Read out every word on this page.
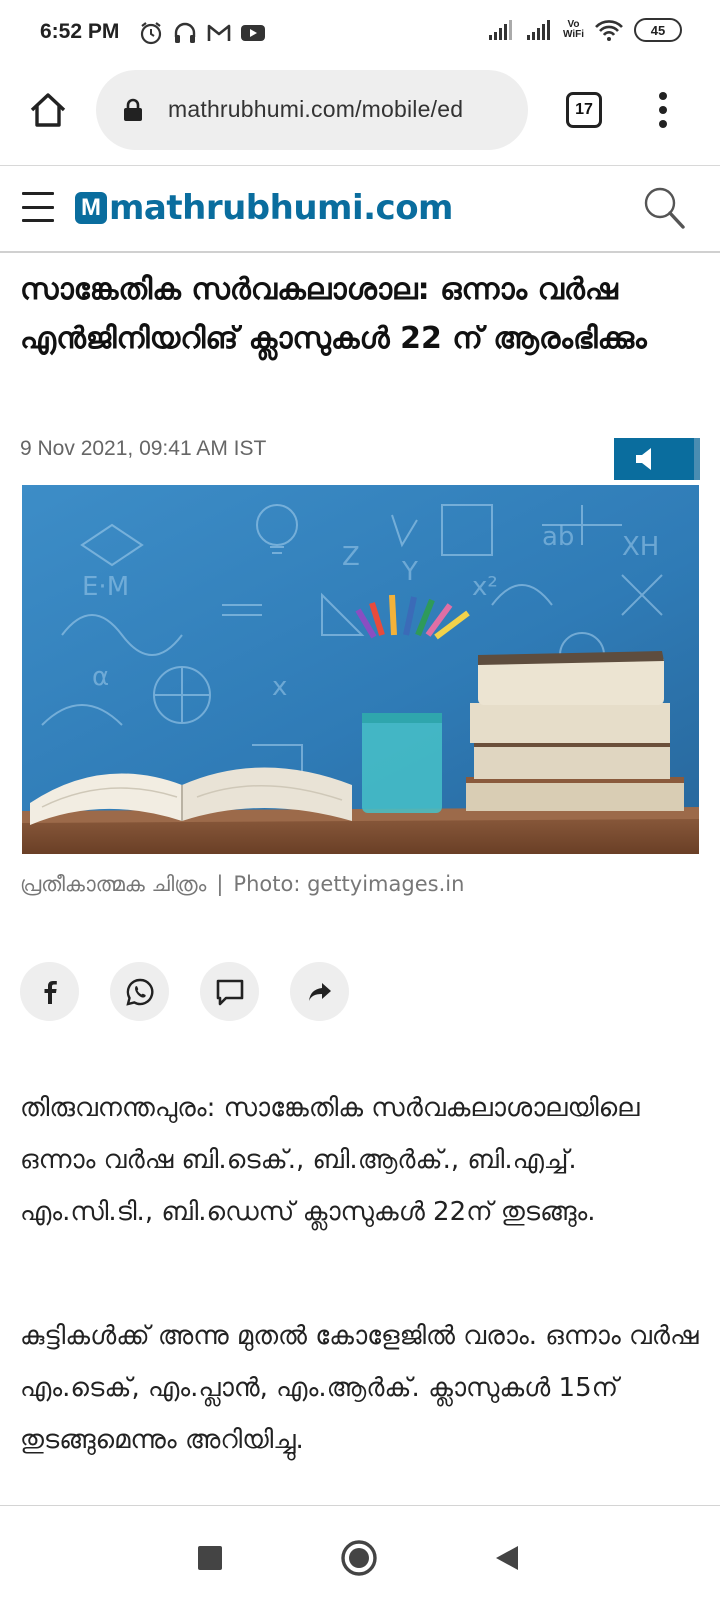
6:52 PM	Vo
WiFi	45
mathrubhumi.com/mobile/ed	17
M mathrubhumi.com
സാങ്കേതിക സർവകലാശാല: ഒന്നാം വർഷ എൻജിനിയറിങ് ക്ലാസുകൾ 22 ന് ആരംഭിക്കും
9 Nov 2021, 09:41 AM IST
Z Y
ab
x²
E·M
XH
α	x
പ്രതീകാത്മക ചിത്രം | Photo: gettyimages.in

തിരുവനന്തപുരം: സാങ്കേതിക സർവകലാശാലയിലെ ഒന്നാം വർഷ ബി.ടെക്., ബി.ആർക്., ബി.എച്ച്. എം.സി.ടി., ബി.ഡെസ് ക്ലാസുകൾ 22ന് തുടങ്ങും.

കുട്ടികൾക്ക് അന്നു മുതൽ കോളേജിൽ വരാം. ഒന്നാം വർഷ എം.ടെക്, എം.പ്ലാൻ, എം.ആർക്. ക്ലാസുകൾ 15ന് തുടങ്ങുമെന്നും അറിയിച്ചു.
